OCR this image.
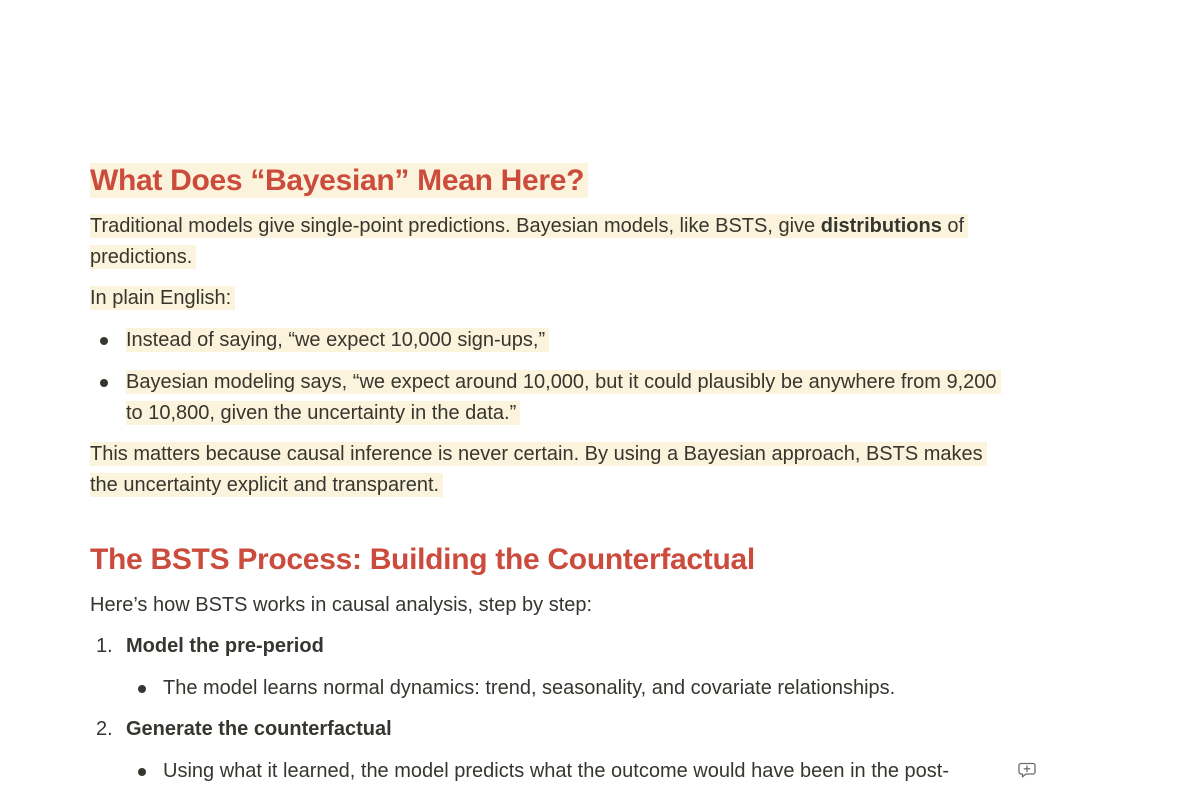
What Does “Bayesian” Mean Here?

Traditional models give single-point predictions. Bayesian models, like BSTS, give distributions of predictions.

In plain English:

Instead of saying, “we expect 10,000 sign-ups,”
Bayesian modeling says, “we expect around 10,000, but it could plausibly be anywhere from 9,200 to 10,800, given the uncertainty in the data.”

This matters because causal inference is never certain. By using a Bayesian approach, BSTS makes the uncertainty explicit and transparent.

The BSTS Process: Building the Counterfactual

Here’s how BSTS works in causal analysis, step by step:

1. Model the pre-period
The model learns normal dynamics: trend, seasonality, and covariate relationships.
2. Generate the counterfactual
Using what it learned, the model predicts what the outcome would have been in the post-
